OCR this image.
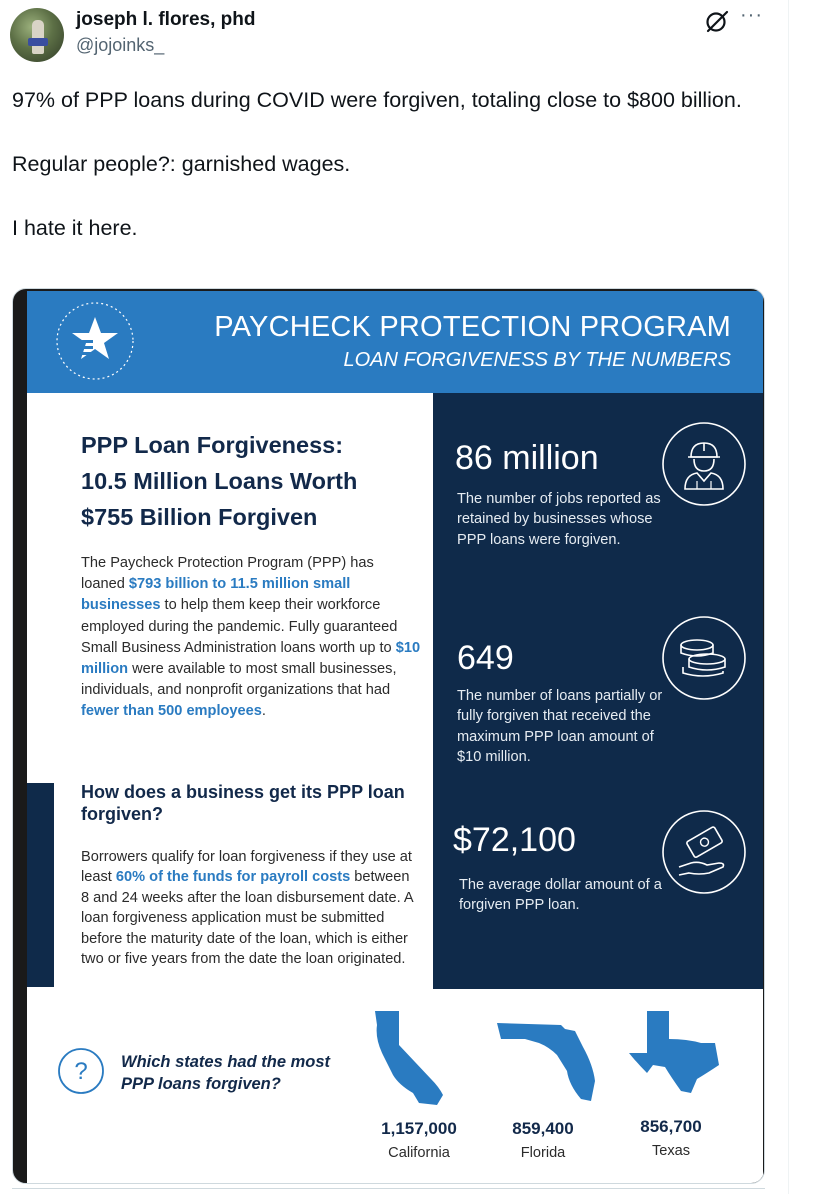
joseph l. flores, phd
@jojoinks_
···

97% of PPP loans during COVID were forgiven, totaling close to $800 billion.

Regular people?: garnished wages.

I hate it here.

PAYCHECK PROTECTION PROGRAM
LOAN FORGIVENESS BY THE NUMBERS
PPP Loan Forgiveness:
10.5 Million Loans Worth
$755 Billion Forgiven
The Paycheck Protection Program (PPP) has loaned $793 billion to 11.5 million small businesses to help them keep their workforce employed during the pandemic. Fully guaranteed Small Business Administration loans worth up to $10 million were available to most small businesses, individuals, and nonprofit organizations that had fewer than 500 employees.
How does a business get its PPP loan forgiven?
Borrowers qualify for loan forgiveness if they use at least 60% of the funds for payroll costs between 8 and 24 weeks after the loan disbursement date. A loan forgiveness application must be submitted before the maturity date of the loan, which is either two or five years from the date the loan originated.
86 million
The number of jobs reported as retained by businesses whose PPP loans were forgiven.
649
The number of loans partially or fully forgiven that received the maximum PPP loan amount of $10 million.
$72,100
The average dollar amount of a forgiven PPP loan.
? Which states had the most PPP loans forgiven?
1,157,000
California
859,400
Florida
856,700
Texas
